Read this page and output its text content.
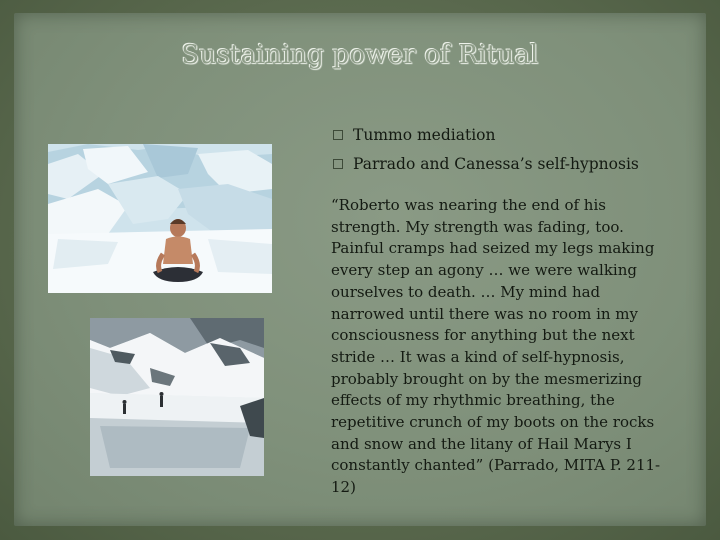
Sustaining power of Ritual
Tummo mediation
Parrado and Canessa’s self-hypnosis
“Roberto was nearing the end of his strength. My strength was fading, too. Painful cramps had seized my legs making every step an agony … we were walking ourselves to death. … My mind had narrowed until there was no room in my consciousness for anything but the next stride … It was a kind of self-hypnosis, probably brought on by the mesmerizing effects of my rhythmic breathing, the repetitive crunch of my boots on the rocks and snow and the litany of Hail Marys I constantly chanted” (Parrado, MITA P. 211-12)
